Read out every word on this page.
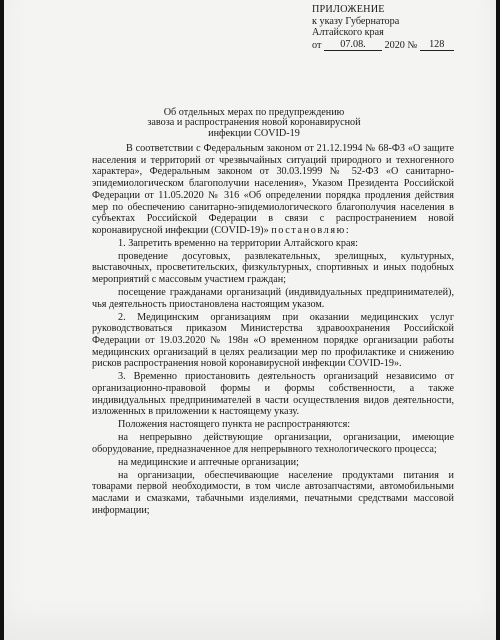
ПРИЛОЖЕНИЕ
к указу Губернатора
Алтайского края
от
	07.08.
	2020 №
	128
Об отдельных мерах по предупреждению
завоза и распространения новой коронавирусной
инфекции COVID-19

В соответствии с Федеральным законом от 21.12.1994 № 68-ФЗ «О защите населения и территорий от чрезвычайных ситуаций природного и техногенного характера», Федеральным законом от 30.03.1999 № 52-ФЗ «О санитарно-эпидемиологическом благополучии населения», Указом Президента Российской Федерации от 11.05.2020 № 316 «Об определении порядка продления действия мер по обеспечению санитарно-эпидемиологического благополучия населения в субъектах Российской Федерации в связи с распространением новой коронавирусной инфекции (COVID-19)» постановляю:

1. Запретить временно на территории Алтайского края:

проведение досуговых, развлекательных, зрелищных, культурных, выставочных, просветительских, физкультурных, спортивных и иных подобных мероприятий с массовым участием граждан;

посещение гражданами организаций (индивидуальных предпринимателей), чья деятельность приостановлена настоящим указом.

2. Медицинским организациям при оказании медицинских услуг руководствоваться приказом Министерства здравоохранения Российской Федерации от 19.03.2020 № 198н «О временном порядке организации работы медицинских организаций в целях реализации мер по профилактике и снижению рисков распространения новой коронавирусной инфекции COVID-19».

3. Временно приостановить деятельность организаций независимо от организационно-правовой формы и формы собственности, а также индивидуальных предпринимателей в части осуществления видов деятельности, изложенных в приложении к настоящему указу.

Положения настоящего пункта не распространяются:

на непрерывно действующие организации, организации, имеющие оборудование, предназначенное для непрерывного технологического процесса;

на медицинские и аптечные организации;

на организации, обеспечивающие население продуктами питания и товарами первой необходимости, в том числе автозапчастями, автомобильными маслами и смазками, табачными изделиями, печатными средствами массовой информации;
